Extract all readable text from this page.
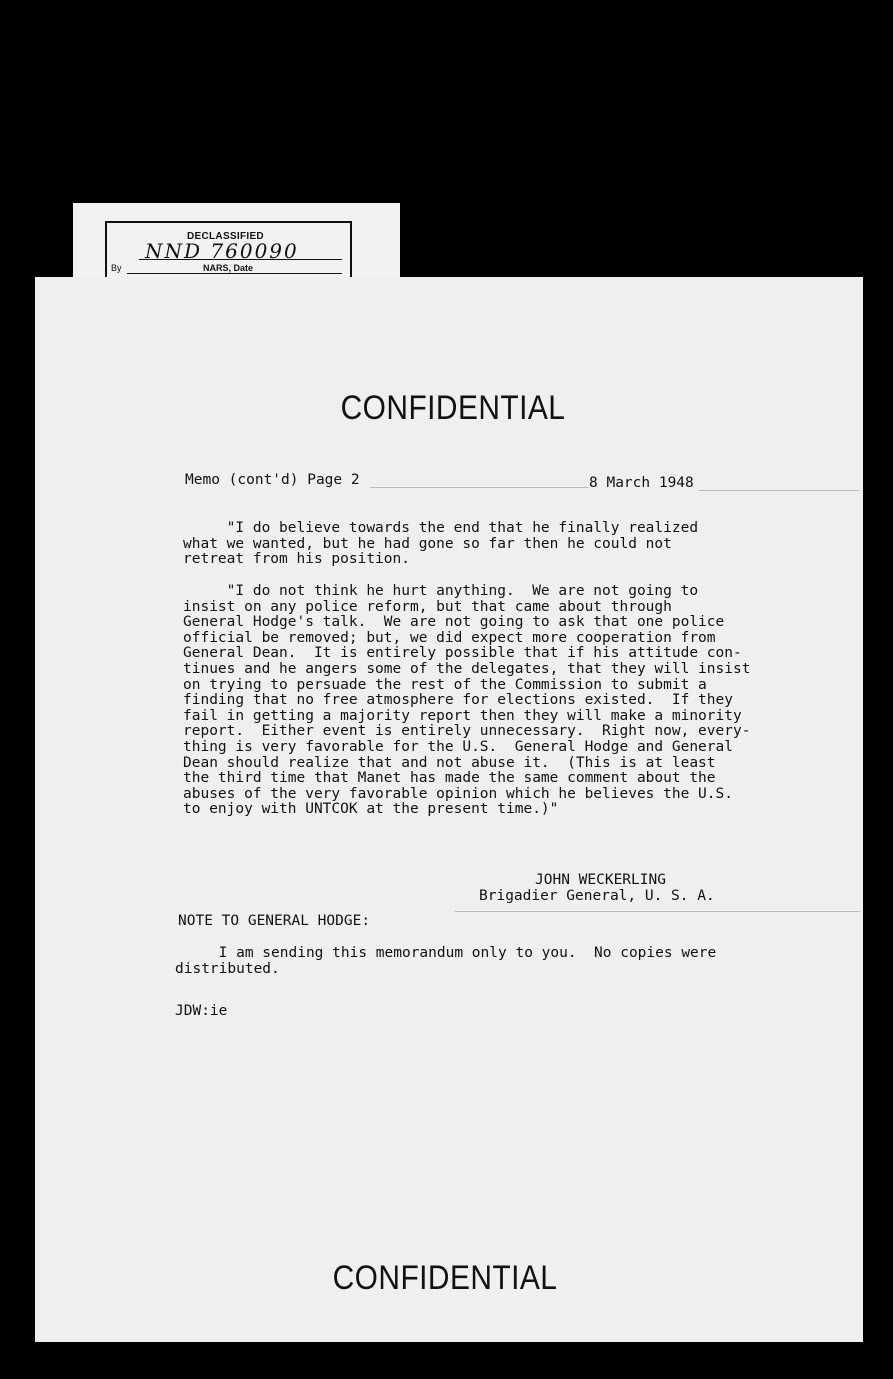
DECLASSIFIED
NND 760090
By	NARS, Date
CONFIDENTIAL
Memo (cont'd) Page 2	8 March 1948
"I do believe towards the end that he finally realized
what we wanted, but he had gone so far then he could not
retreat from his position.
"I do not think he hurt anything.  We are not going to
insist on any police reform, but that came about through
General Hodge's talk.  We are not going to ask that one police
official be removed; but, we did expect more cooperation from
General Dean.  It is entirely possible that if his attitude con-
tinues and he angers some of the delegates, that they will insist
on trying to persuade the rest of the Commission to submit a
finding that no free atmosphere for elections existed.  If they
fail in getting a majority report then they will make a minority
report.  Either event is entirely unnecessary.  Right now, every-
thing is very favorable for the U.S.  General Hodge and General
Dean should realize that and not abuse it.  (This is at least
the third time that Manet has made the same comment about the
abuses of the very favorable opinion which he believes the U.S.
to enjoy with UNTCOK at the present time.)"
JOHN WECKERLING
Brigadier General, U. S. A.
NOTE TO GENERAL HODGE:
I am sending this memorandum only to you.  No copies were
distributed.
JDW:ie
CONFIDENTIAL
